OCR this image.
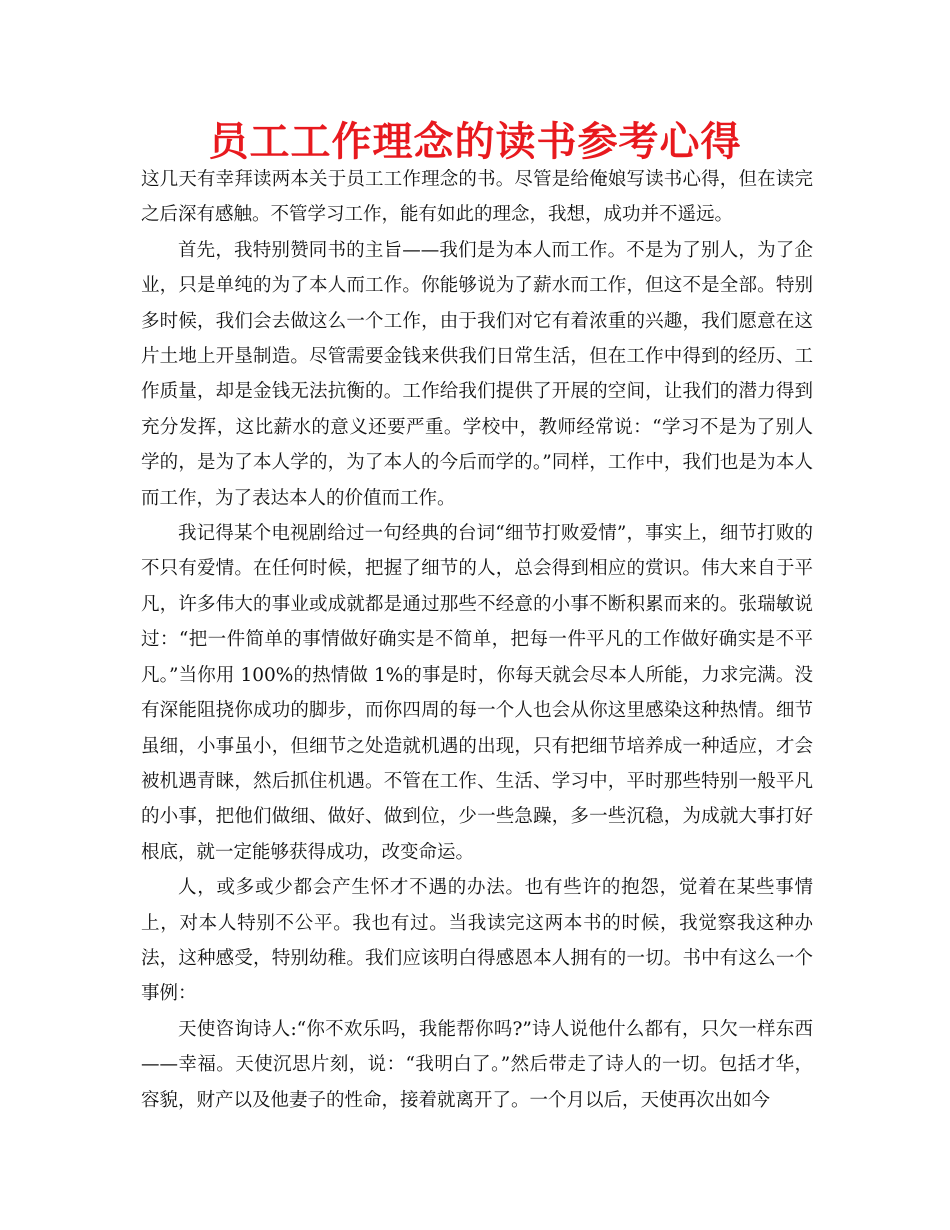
员工工作理念的读书参考心得

这几天有幸拜读两本关于员工工作理念的书。尽管是给俺娘写读书心得，但在读完之后深有感触。不管学习工作，能有如此的理念，我想，成功并不遥远。

首先，我特别赞同书的主旨——我们是为本人而工作。不是为了别人，为了企业，只是单纯的为了本人而工作。你能够说为了薪水而工作，但这不是全部。特别多时候，我们会去做这么一个工作，由于我们对它有着浓重的兴趣，我们愿意在这片土地上开垦制造。尽管需要金钱来供我们日常生活，但在工作中得到的经历、工作质量，却是金钱无法抗衡的。工作给我们提供了开展的空间，让我们的潜力得到充分发挥，这比薪水的意义还要严重。学校中，教师经常说：“学习不是为了别人学的，是为了本人学的，为了本人的今后而学的。”同样，工作中，我们也是为本人而工作，为了表达本人的价值而工作。

我记得某个电视剧给过一句经典的台词“细节打败爱情”，事实上，细节打败的不只有爱情。在任何时候，把握了细节的人，总会得到相应的赏识。伟大来自于平凡，许多伟大的事业或成就都是通过那些不经意的小事不断积累而来的。张瑞敏说过：“把一件简单的事情做好确实是不简单，把每一件平凡的工作做好确实是不平凡。”当你用 100%的热情做 1%的事是时，你每天就会尽本人所能，力求完满。没有深能阻挠你成功的脚步，而你四周的每一个人也会从你这里感染这种热情。细节虽细，小事虽小，但细节之处造就机遇的出现，只有把细节培养成一种适应，才会被机遇青睐，然后抓住机遇。不管在工作、生活、学习中，平时那些特别一般平凡的小事，把他们做细、做好、做到位，少一些急躁，多一些沉稳，为成就大事打好根底，就一定能够获得成功，改变命运。

人，或多或少都会产生怀才不遇的办法。也有些许的抱怨，觉着在某些事情上，对本人特别不公平。我也有过。当我读完这两本书的时候，我觉察我这种办法，这种感受，特别幼稚。我们应该明白得感恩本人拥有的一切。书中有这么一个事例：

天使咨询诗人:“你不欢乐吗，我能帮你吗?”诗人说他什么都有，只欠一样东西——幸福。天使沉思片刻，说：“我明白了。”然后带走了诗人的一切。包括才华，容貌，财产以及他妻子的性命，接着就离开了。一个月以后，天使再次出如今
